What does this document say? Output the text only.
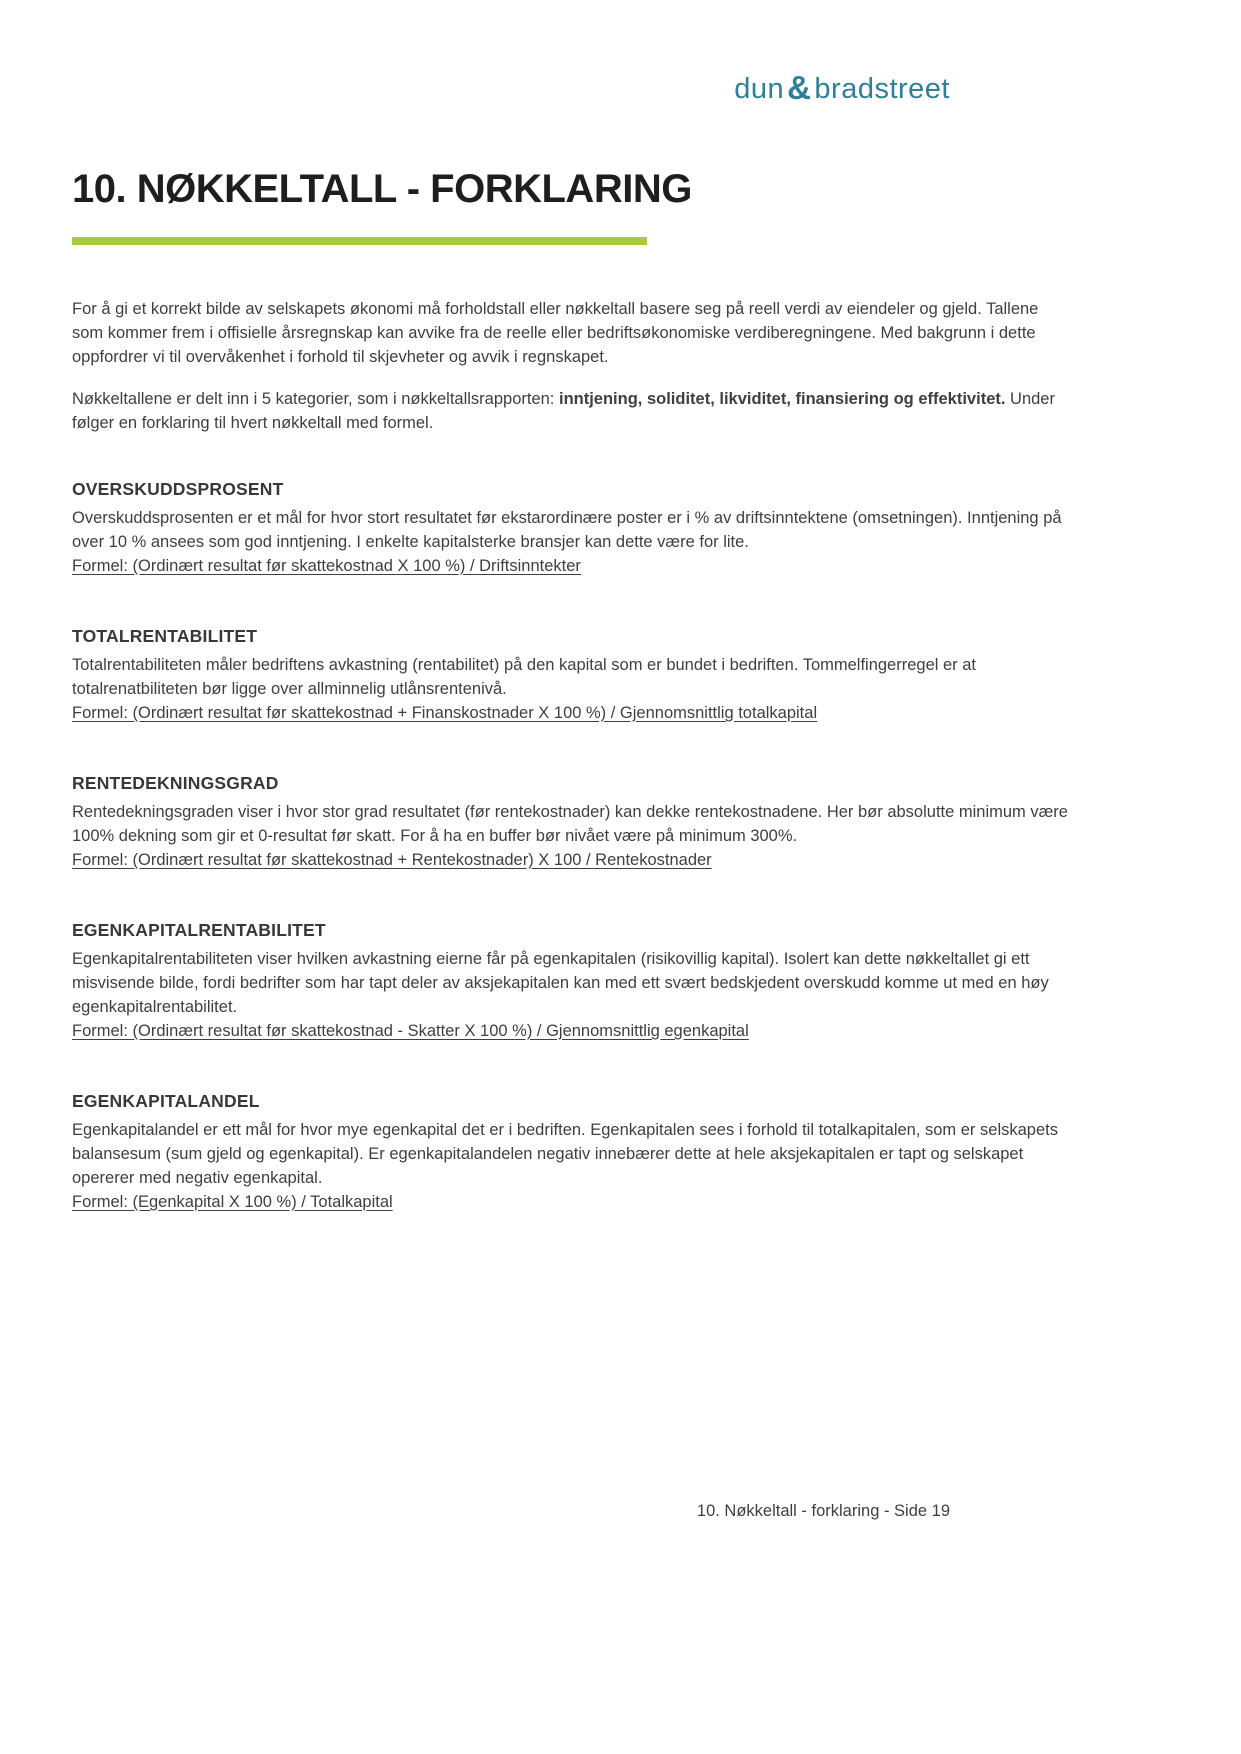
dun& bradstreet
10. NØKKELTALL - FORKLARING

For å gi et korrekt bilde av selskapets økonomi må forholdstall eller nøkkeltall basere seg på reell verdi av eiendeler og gjeld. Tallene som kommer frem i offisielle årsregnskap kan avvike fra de reelle eller bedriftsøkonomiske verdiberegningene. Med bakgrunn i dette oppfordrer vi til overvåkenhet i forhold til skjevheter og avvik i regnskapet.

Nøkkeltallene er delt inn i 5 kategorier, som i nøkkeltallsrapporten: inntjening, soliditet, likviditet, finansiering og effektivitet. Under følger en forklaring til hvert nøkkeltall med formel.

OVERSKUDDSPROSENT

Overskuddsprosenten er et mål for hvor stort resultatet før ekstarordinære poster er i % av driftsinntektene (omsetningen). Inntjening på over 10 % ansees som god inntjening. I enkelte kapitalsterke bransjer kan dette være for lite.

Formel: (Ordinært resultat før skattekostnad X 100 %) / Driftsinntekter

TOTALRENTABILITET

Totalrentabiliteten måler bedriftens avkastning (rentabilitet) på den kapital som er bundet i bedriften. Tommelfingerregel er at totalrenatbiliteten bør ligge over allminnelig utlånsrentenivå.

Formel: (Ordinært resultat før skattekostnad + Finanskostnader X 100 %) / Gjennomsnittlig totalkapital

RENTEDEKNINGSGRAD

Rentedekningsgraden viser i hvor stor grad resultatet (før rentekostnader) kan dekke rentekostnadene. Her bør absolutte minimum være 100% dekning som gir et 0-resultat før skatt. For å ha en buffer bør nivået være på minimum 300%.

Formel: (Ordinært resultat før skattekostnad + Rentekostnader) X 100 / Rentekostnader

EGENKAPITALRENTABILITET

Egenkapitalrentabiliteten viser hvilken avkastning eierne får på egenkapitalen (risikovillig kapital). Isolert kan dette nøkkeltallet gi ett misvisende bilde, fordi bedrifter som har tapt deler av aksjekapitalen kan med ett svært bedskjedent overskudd komme ut med en høy egenkapitalrentabilitet.

Formel: (Ordinært resultat før skattekostnad - Skatter X 100 %) / Gjennomsnittlig egenkapital

EGENKAPITALANDEL

Egenkapitalandel er ett mål for hvor mye egenkapital det er i bedriften. Egenkapitalen sees i forhold til totalkapitalen, som er selskapets balansesum (sum gjeld og egenkapital). Er egenkapitalandelen negativ innebærer dette at hele aksjekapitalen er tapt og selskapet opererer med negativ egenkapital.

Formel: (Egenkapital X 100 %) / Totalkapital

10. Nøkkeltall - forklaring - Side 19
